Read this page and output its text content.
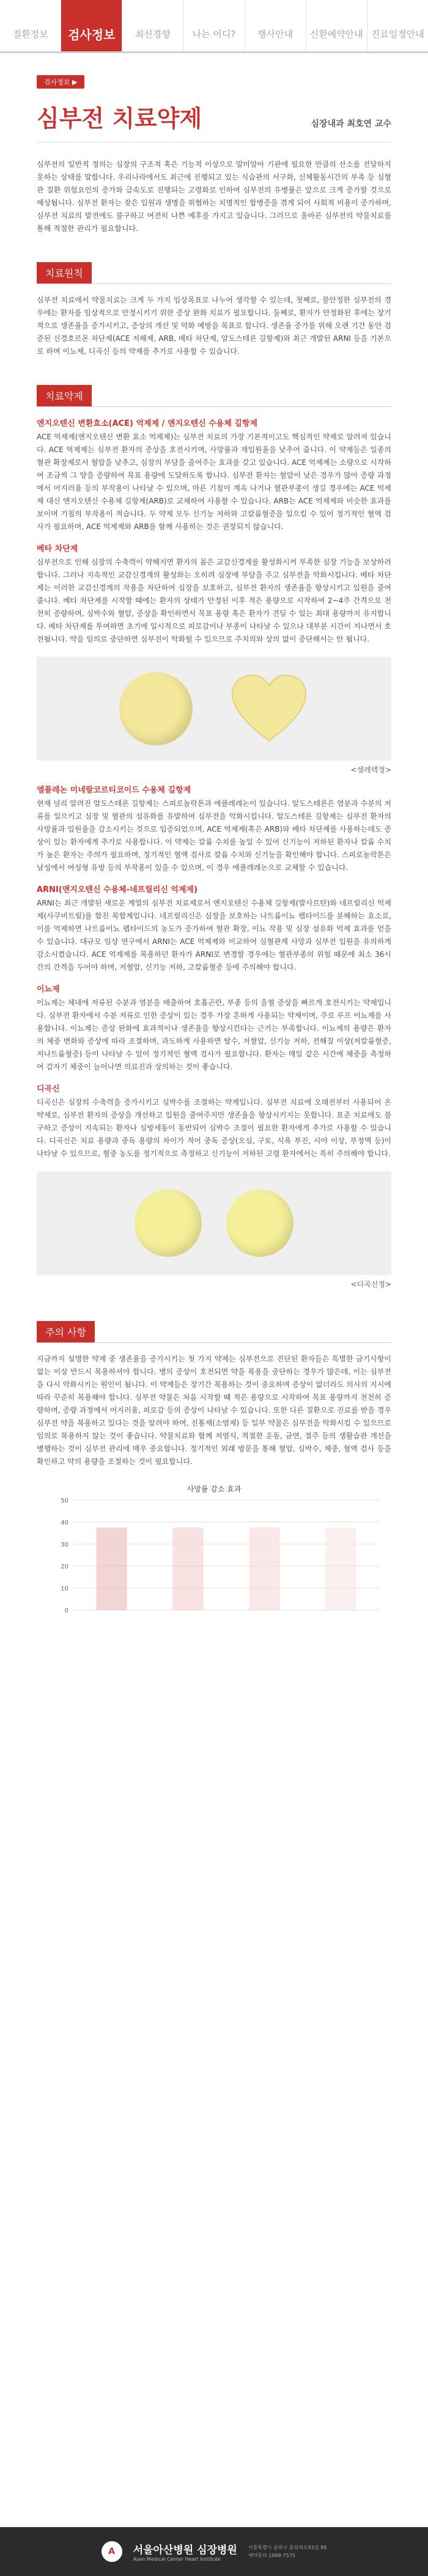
질환정보	검사정보	최신경향	나는 어디?	행사안내	신환예약안내 진료일정안내
검사정보 ▶
심부전 치료약제	심장내과 최호연 교수

심부전의 일반적 정의는 심장의 구조적 혹은 기능적 이상으로 말미암아 기관에 필요한 만큼의 산소를 전달하지 못하는 상태를 말합니다. 우리나라에서도 최근에 진행되고 있는 식습관의 서구화, 신체활동시간의 부족 등 심혈관 질환 위험요인의 증가와 급속도로 진행되는 고령화로 인하여 심부전의 유병률은 앞으로 크게 증가할 것으로 예상됩니다. 심부전 환자는 잦은 입원과 생명을 위협하는 치명적인 합병증을 겪게 되어 사회적 비용이 증가하며, 심부전 치료의 발전에도 불구하고 여전히 나쁜 예후를 가지고 있습니다. 그러므로 올바른 심부전의 약물치료를 통해 적절한 관리가 필요합니다.

치료원칙

심부전 치료에서 약물치료는 크게 두 가지 임상목표로 나누어 생각할 수 있는데, 첫째로, 불안정한 심부전의 경우에는 환자를 임상적으로 안정시키기 위한 증상 완화 치료가 필요합니다. 둘째로, 환자가 안정화된 후에는 장기적으로 생존율을 증가시키고, 증상의 개선 및 악화 예방을 목표로 합니다. 생존율 증가를 위해 오랜 기간 동안 검증된 신경호르몬 차단제(ACE 저해제, ARB, 베타 차단제, 알도스테론 길항제)와 최근 개발된 ARNI 등을 기본으로 하며 이뇨제, 디곡신 등의 약제를 추가로 사용할 수 있습니다.

치료약제
앤지오텐신 변환효소(ACE) 억제제 / 앤지오텐신 수용체 길항제

ACE 억제제(앤지오텐신 변환 효소 억제제)는 심부전 치료의 가장 기본적이고도 핵심적인 약제로 알려져 있습니다. ACE 억제제는 심부전 환자의 증상을 호전시키며, 사망률과 재입원율을 낮추어 줍니다. 이 약제들은 일종의 혈관 확장제로서 혈압을 낮추고, 심장의 부담을 줄여주는 효과를 갖고 있습니다. ACE 억제제는 소량으로 시작하여 조금씩 그 양을 증량하여 목표 용량에 도달하도록 합니다. 심부전 환자는 혈압이 낮은 경우가 많아 증량 과정에서 어지러움 등의 부작용이 나타날 수 있으며, 마른 기침이 계속 나거나 혈관부종이 생길 경우에는 ACE 억제제 대신 앤지오텐신 수용체 길항제(ARB)로 교체하여 사용할 수 있습니다. ARB는 ACE 억제제와 비슷한 효과를 보이며 기침의 부작용이 적습니다. 두 약제 모두 신기능 저하와 고칼륨혈증을 일으킬 수 있어 정기적인 혈액 검사가 필요하며, ACE 억제제와 ARB를 함께 사용하는 것은 권장되지 않습니다.

베타 차단제

심부전으로 인해 심장의 수축력이 약해지면 환자의 몸은 교감신경계를 활성화시켜 부족한 심장 기능을 보상하려 합니다. 그러나 지속적인 교감신경계의 활성화는 오히려 심장에 부담을 주고 심부전을 악화시킵니다. 베타 차단제는 이러한 교감신경계의 작용을 차단하여 심장을 보호하고, 심부전 환자의 생존율을 향상시키고 입원을 줄여줍니다. 베타 차단제를 시작할 때에는 환자의 상태가 안정된 이후 적은 용량으로 시작하여 2~4주 간격으로 천천히 증량하며, 심박수와 혈압, 증상을 확인하면서 목표 용량 혹은 환자가 견딜 수 있는 최대 용량까지 유지합니다. 베타 차단제를 투여하면 초기에 일시적으로 피로감이나 부종이 나타날 수 있으나 대부분 시간이 지나면서 호전됩니다. 약을 임의로 중단하면 심부전이 악화될 수 있으므로 주치의와 상의 없이 중단해서는 안 됩니다.

<셀레텍정>
엘플레논 미네랄코르티코이드 수용체 길항제

현재 널리 알려진 알도스테론 길항제는 스피로놀락톤과 에플레레논이 있습니다. 알도스테론은 염분과 수분의 저류를 일으키고 심장 및 혈관의 섬유화를 유발하여 심부전을 악화시킵니다. 알도스테론 길항제는 심부전 환자의 사망률과 입원율을 감소시키는 것으로 입증되었으며, ACE 억제제(혹은 ARB)와 베타 차단제를 사용하는데도 증상이 있는 환자에게 추가로 사용합니다. 이 약제는 칼륨 수치를 높일 수 있어 신기능이 저하된 환자나 칼륨 수치가 높은 환자는 주의가 필요하며, 정기적인 혈액 검사로 칼륨 수치와 신기능을 확인해야 합니다. 스피로놀락톤은 남성에서 여성형 유방 등의 부작용이 있을 수 있으며, 이 경우 에플레레논으로 교체할 수 있습니다.

ARNI(앤지오텐신 수용체-네프릴리신 억제제)

ARNI는 최근 개발된 새로운 계열의 심부전 치료제로서 앤지오텐신 수용체 길항제(발사르탄)와 네프릴리신 억제제(사쿠비트릴)를 합친 복합제입니다. 네프릴리신은 심장을 보호하는 나트륨이뇨 펩타이드를 분해하는 효소로, 이를 억제하면 나트륨이뇨 펩타이드의 농도가 증가하여 혈관 확장, 이뇨 작용 및 심장 섬유화 억제 효과를 얻을 수 있습니다. 대규모 임상 연구에서 ARNI는 ACE 억제제와 비교하여 심혈관계 사망과 심부전 입원을 유의하게 감소시켰습니다. ACE 억제제를 복용하던 환자가 ARNI로 변경할 경우에는 혈관부종의 위험 때문에 최소 36시간의 간격을 두어야 하며, 저혈압, 신기능 저하, 고칼륨혈증 등에 주의해야 합니다.

이뇨제

이뇨제는 체내에 저류된 수분과 염분을 배출하여 호흡곤란, 부종 등의 울혈 증상을 빠르게 호전시키는 약제입니다. 심부전 환자에서 수분 저류로 인한 증상이 있는 경우 가장 흔하게 사용되는 약제이며, 주로 루프 이뇨제를 사용합니다. 이뇨제는 증상 완화에 효과적이나 생존율을 향상시킨다는 근거는 부족합니다. 이뇨제의 용량은 환자의 체중 변화와 증상에 따라 조절하며, 과도하게 사용하면 탈수, 저혈압, 신기능 저하, 전해질 이상(저칼륨혈증, 저나트륨혈증) 등이 나타날 수 있어 정기적인 혈액 검사가 필요합니다. 환자는 매일 같은 시간에 체중을 측정하여 갑자기 체중이 늘어나면 의료진과 상의하는 것이 좋습니다.

디곡신

디곡신은 심장의 수축력을 증가시키고 심박수를 조절하는 약제입니다. 심부전 치료에 오래전부터 사용되어 온 약제로, 심부전 환자의 증상을 개선하고 입원을 줄여주지만 생존율을 향상시키지는 못합니다. 표준 치료에도 불구하고 증상이 지속되는 환자나 심방세동이 동반되어 심박수 조절이 필요한 환자에게 추가로 사용할 수 있습니다. 디곡신은 치료 용량과 중독 용량의 차이가 적어 중독 증상(오심, 구토, 식욕 부진, 시야 이상, 부정맥 등)이 나타날 수 있으므로, 혈중 농도를 정기적으로 측정하고 신기능이 저하된 고령 환자에서는 특히 주의해야 합니다.

<디곡신정>
주의 사항

지금까지 설명한 약제 중 생존율을 증가시키는 첫 가지 약제는 심부전으로 진단된 환자들은 특별한 금기사항이 없는 이상 반드시 복용하셔야 합니다. 병의 증상이 호전되면 약을 복용을 중단하는 경우가 많은데, 이는 심부전을 다시 악화시키는 원인이 됩니다. 이 약제들은 장기간 복용하는 것이 중요하며 증상이 없더라도 의사의 지시에 따라 꾸준히 복용해야 합니다. 심부전 약물은 처음 시작할 때 적은 용량으로 시작하여 목표 용량까지 천천히 증량하며, 증량 과정에서 어지러움, 피로감 등의 증상이 나타날 수 있습니다. 또한 다른 질환으로 진료를 받을 경우 심부전 약을 복용하고 있다는 것을 알려야 하며, 진통제(소염제) 등 일부 약물은 심부전을 악화시킬 수 있으므로 임의로 복용하지 않는 것이 좋습니다. 약물치료와 함께 저염식, 적절한 운동, 금연, 절주 등의 생활습관 개선을 병행하는 것이 심부전 관리에 매우 중요합니다. 정기적인 외래 방문을 통해 혈압, 심박수, 체중, 혈액 검사 등을 확인하고 약의 용량을 조절하는 것이 필요합니다.

사망률 감소 효과
0
10
20
30
40
50
A	서울아산병원 심장병원
Asan Medical Center Heart Institute
서울특별시 송파구 올림픽로43길 88
예약문의 1688-7575
